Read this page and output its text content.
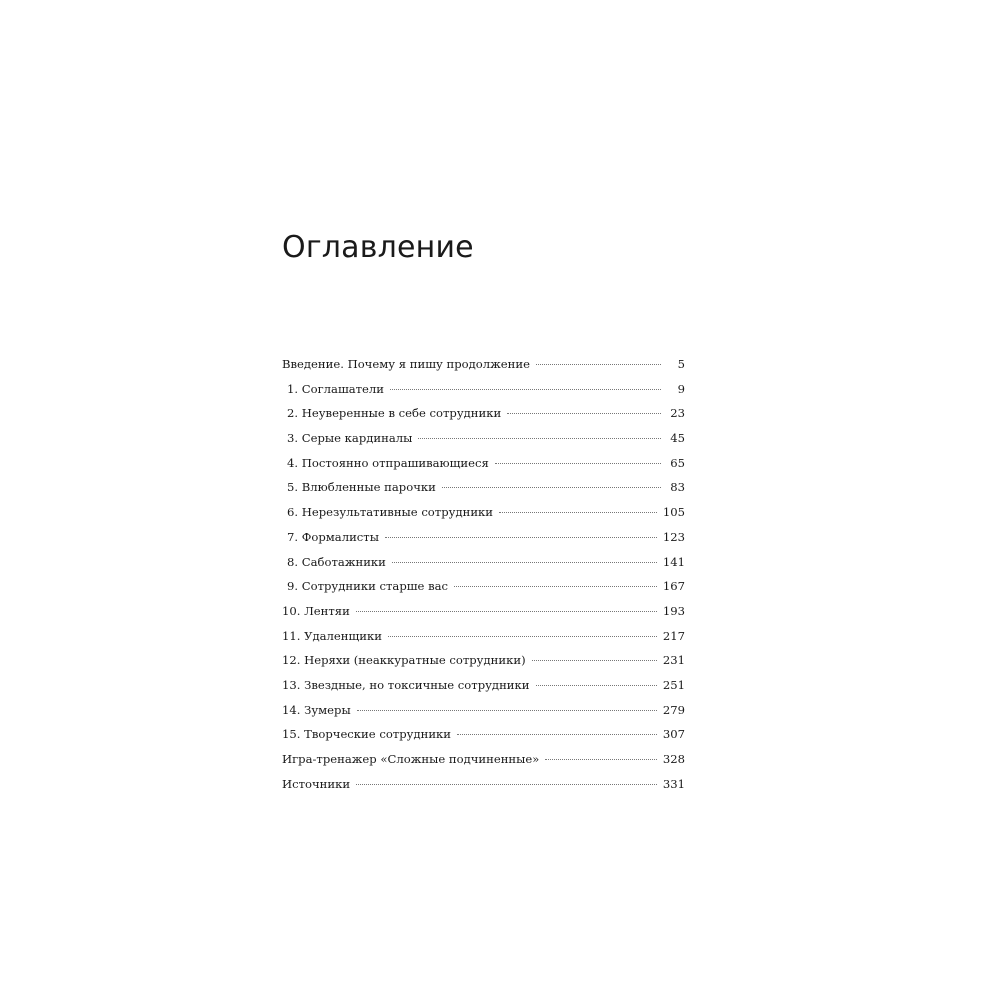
Оглавление
Введение. Почему я пишу продолжение	5
1. Соглашатели	9
2. Неуверенные в себе сотрудники	23
3. Серые кардиналы	45
4. Постоянно отпрашивающиеся	65
5. Влюбленные парочки	83
6. Нерезультативные сотрудники	105
7. Формалисты	123
8. Саботажники	141
9. Сотрудники старше вас	167
10. Лентяи	193
11. Удаленщики	217
12. Неряхи (неаккуратные сотрудники)	231
13. Звездные, но токсичные сотрудники	251
14. Зумеры	279
15. Творческие сотрудники	307
Игра-тренажер «Сложные подчиненные»	328
Источники	331
